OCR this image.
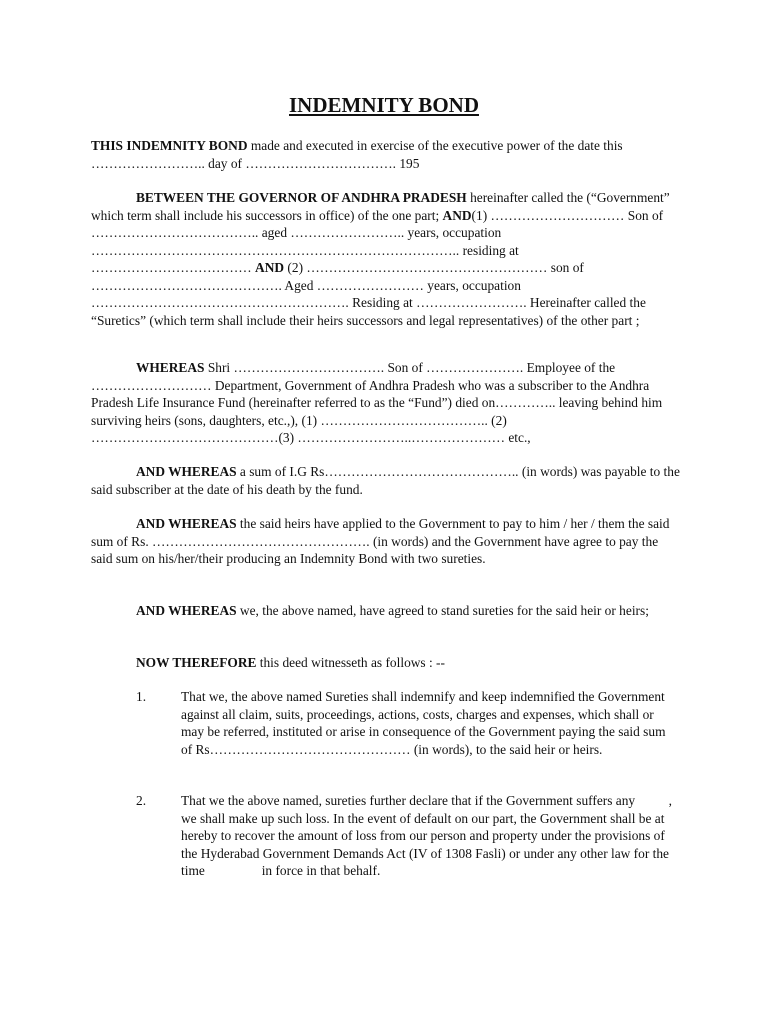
INDEMNITY BOND

THIS INDEMNITY BOND made and executed in exercise of the executive power of the date this …………………….. day of ……………………………. 195

BETWEEN THE GOVERNOR OF ANDHRA PRADESH hereinafter called the (“Government” which term shall include his successors in office) of the one part; AND(1) ………………………… Son of ……………………………….. aged …………………….. years, occupation ……………………………………………………………………….. residing at ……………………………… AND (2) ……………………………………………… son of ……………………………………. Aged …………………… years, occupation …………………………………………………. Residing at ……………………. Hereinafter called the “Suretics” (which term shall include their heirs successors and legal representatives) of the other part ;

WHEREAS Shri ……………………………. Son of …………………. Employee of the ……………………… Department, Government of Andhra Pradesh who was a subscriber to the Andhra Pradesh Life Insurance Fund (hereinafter referred to as the “Fund”) died on………….. leaving behind him surviving heirs (sons, daughters, etc.,), (1) ……………………………….. (2) ……………………………………(3) ……………………..………………… etc.,

AND WHEREAS a sum of I.G Rs…………………………………….. (in words) was payable to the said subscriber at the date of his death by the fund.

AND WHEREAS the said heirs have applied to the Government to pay to him / her / them the said sum of Rs. …………………………………………. (in words) and the Government have agree to pay the said sum on his/her/their producing an Indemnity Bond with two sureties.

AND WHEREAS we, the above named, have agreed to stand sureties for the said heir or heirs;

NOW THEREFORE this deed witnesseth as follows : --

1.	That we, the above named Sureties shall indemnify and keep indemnified the Government against all claim, suits, proceedings, actions, costs, charges and expenses, which shall or may be referred, instituted or arise in consequence of the Government paying the said sum of Rs……………………………………… (in words), to the said heir or heirs.

2.	That we the above named, sureties further declare that if the Government suffers any          , we shall make up such loss. In the event of default on our part, the Government shall be at hereby to recover the amount of loss from our person and property under the provisions of the Hyderabad Government Demands Act (IV of 1308 Fasli) or under any other law for the time                 in force in that behalf.
